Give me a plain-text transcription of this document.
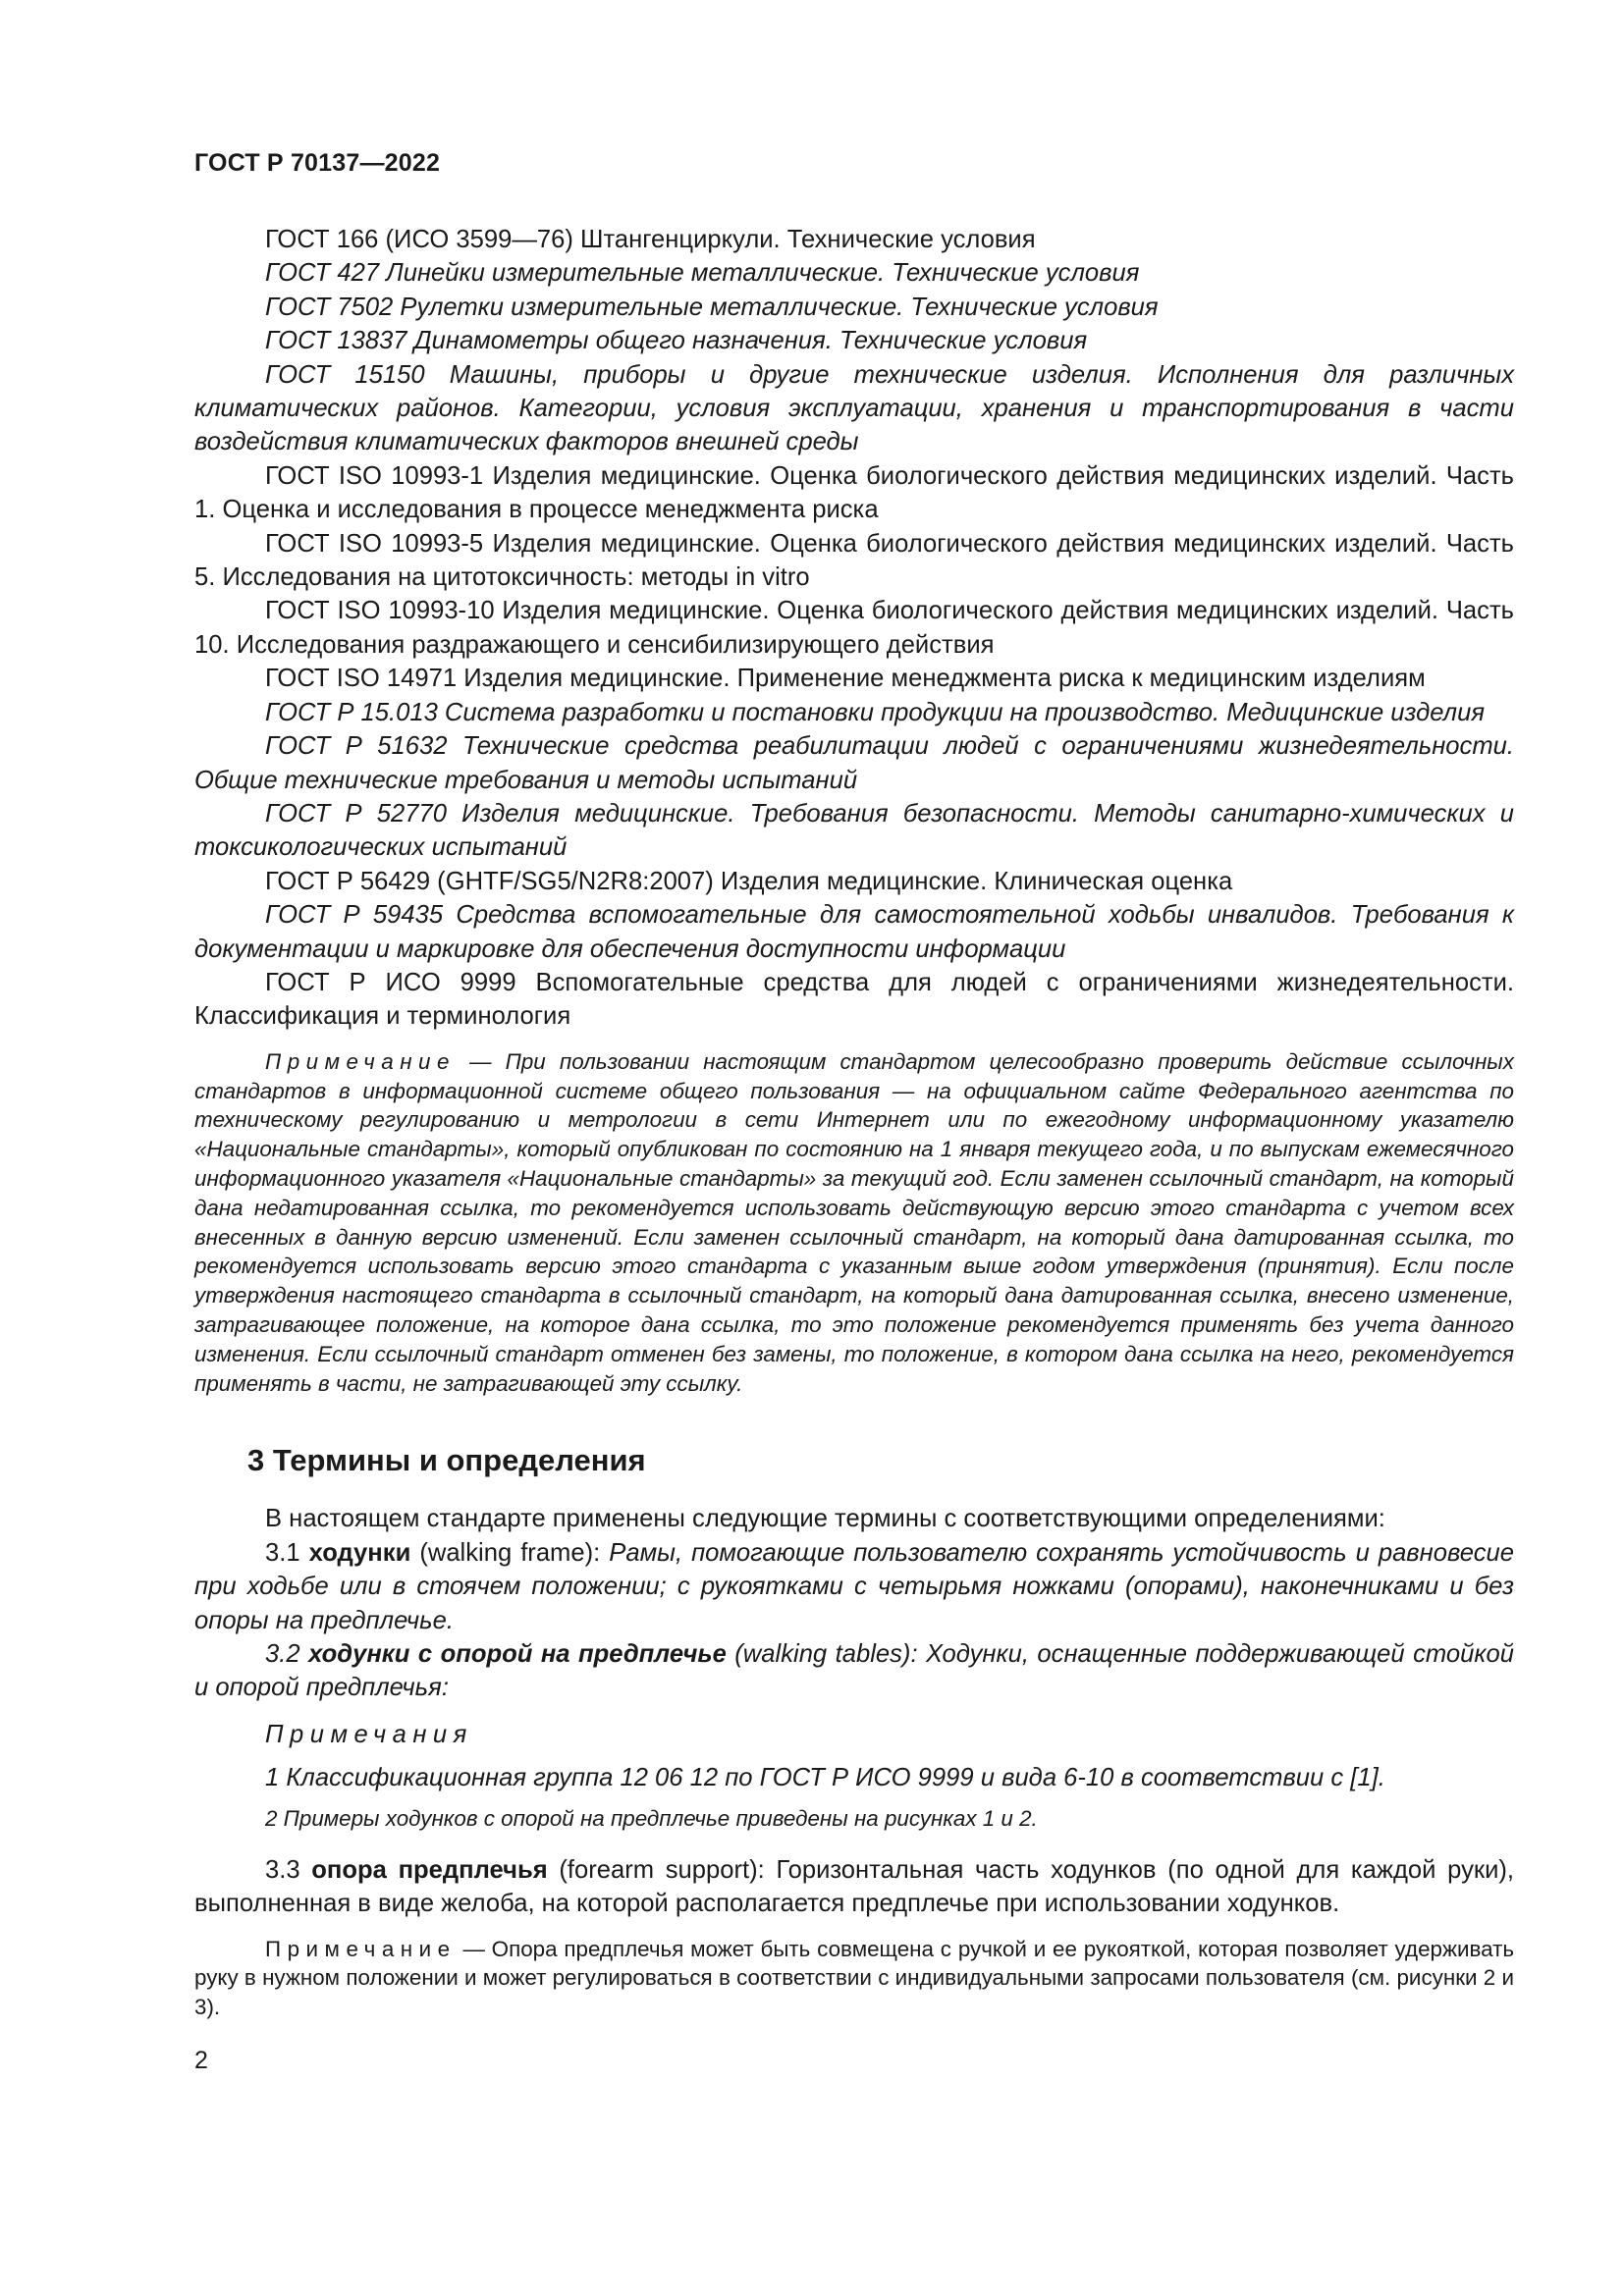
ГОСТ Р 70137—2022

ГОСТ 166 (ИСО 3599—76) Штангенциркули. Технические условия

ГОСТ 427 Линейки измерительные металлические. Технические условия

ГОСТ 7502 Рулетки измерительные металлические. Технические условия

ГОСТ 13837 Динамометры общего назначения. Технические условия

ГОСТ 15150 Машины, приборы и другие технические изделия. Исполнения для различных климатических районов. Категории, условия эксплуатации, хранения и транспортирования в части воздействия климатических факторов внешней среды

ГОСТ ISO 10993-1 Изделия медицинские. Оценка биологического действия медицинских изделий. Часть 1. Оценка и исследования в процессе менеджмента риска

ГОСТ ISO 10993-5 Изделия медицинские. Оценка биологического действия медицинских изделий. Часть 5. Исследования на цитотоксичность: методы in vitro

ГОСТ ISO 10993-10 Изделия медицинские. Оценка биологического действия медицинских изделий. Часть 10. Исследования раздражающего и сенсибилизирующего действия

ГОСТ ISO 14971 Изделия медицинские. Применение менеджмента риска к медицинским изделиям

ГОСТ Р 15.013 Система разработки и постановки продукции на производство. Медицинские изделия

ГОСТ Р 51632 Технические средства реабилитации людей с ограничениями жизнедеятельности. Общие технические требования и методы испытаний

ГОСТ Р 52770 Изделия медицинские. Требования безопасности. Методы санитарно-химических и токсикологических испытаний

ГОСТ Р 56429 (GHTF/SG5/N2R8:2007) Изделия медицинские. Клиническая оценка

ГОСТ Р 59435 Средства вспомогательные для самостоятельной ходьбы инвалидов. Требования к документации и маркировке для обеспечения доступности информации

ГОСТ Р ИСО 9999 Вспомогательные средства для людей с ограничениями жизнедеятельности. Классификация и терминология

Примечание — При пользовании настоящим стандартом целесообразно проверить действие ссылочных стандартов в информационной системе общего пользования — на официальном сайте Федерального агентства по техническому регулированию и метрологии в сети Интернет или по ежегодному информационному указателю «Национальные стандарты», который опубликован по состоянию на 1 января текущего года, и по выпускам ежемесячного информационного указателя «Национальные стандарты» за текущий год. Если заменен ссылочный стандарт, на который дана недатированная ссылка, то рекомендуется использовать действующую версию этого стандарта с учетом всех внесенных в данную версию изменений. Если заменен ссылочный стандарт, на который дана датированная ссылка, то рекомендуется использовать версию этого стандарта с указанным выше годом утверждения (принятия). Если после утверждения настоящего стандарта в ссылочный стандарт, на который дана датированная ссылка, внесено изменение, затрагивающее положение, на которое дана ссылка, то это положение рекомендуется применять без учета данного изменения. Если ссылочный стандарт отменен без замены, то положение, в котором дана ссылка на него, рекомендуется применять в части, не затрагивающей эту ссылку.

3 Термины и определения

В настоящем стандарте применены следующие термины с соответствующими определениями:

3.1 ходунки (walking frame): Рамы, помогающие пользователю сохранять устойчивость и равновесие при ходьбе или в стоячем положении; с рукоятками с четырьмя ножками (опорами), наконечниками и без опоры на предплечье.

3.2 ходунки с опорой на предплечье (walking tables): Ходунки, оснащенные поддерживающей стойкой и опорой предплечья:

Примечания
1 Классификационная группа 12 06 12 по ГОСТ Р ИСО 9999 и вида 6-10 в соответствии с [1].
2 Примеры ходунков с опорой на предплечье приведены на рисунках 1 и 2.

3.3 опора предплечья (forearm support): Горизонтальная часть ходунков (по одной для каждой руки), выполненная в виде желоба, на которой располагается предплечье при использовании ходунков.

Примечание — Опора предплечья может быть совмещена с ручкой и ее рукояткой, которая позволяет удерживать руку в нужном положении и может регулироваться в соответствии с индивидуальными запросами пользователя (см. рисунки 2 и 3).

2
